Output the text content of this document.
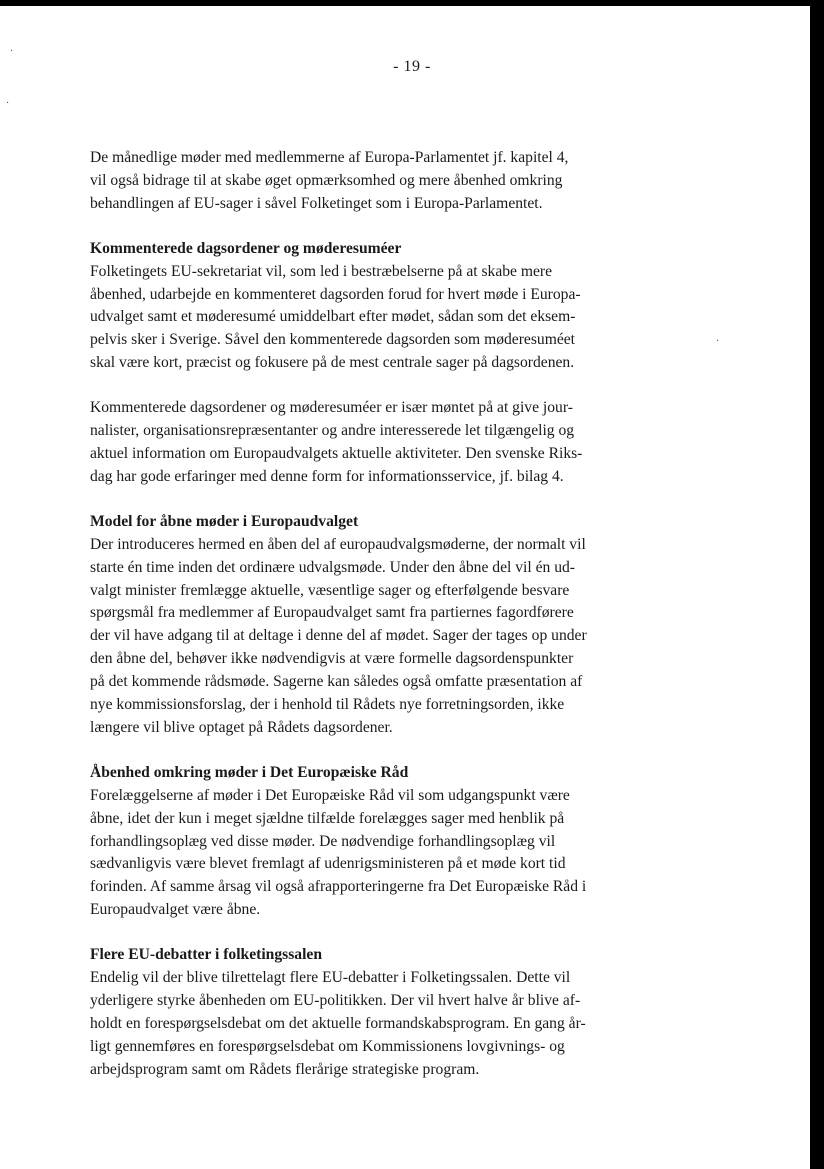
- 19 -

De månedlige møder med medlemmerne af Europa-Parlamentet jf. kapitel 4,
vil også bidrage til at skabe øget opmærksomhed og mere åbenhed omkring
behandlingen af EU-sager i såvel Folketinget som i Europa-Parlamentet.

Kommenterede dagsordener og møderesuméer
Folketingets EU-sekretariat vil, som led i bestræbelserne på at skabe mere
åbenhed, udarbejde en kommenteret dagsorden forud for hvert møde i Europa-
udvalget samt et møderesumé umiddelbart efter mødet, sådan som det eksem-
pelvis sker i Sverige. Såvel den kommenterede dagsorden som møderesuméet
skal være kort, præcist og fokusere på de mest centrale sager på dagsordenen.

Kommenterede dagsordener og møderesuméer er især møntet på at give jour-
nalister, organisationsrepræsentanter og andre interesserede let tilgængelig og
aktuel information om Europaudvalgets aktuelle aktiviteter. Den svenske Riks-
dag har gode erfaringer med denne form for informationsservice, jf. bilag 4.

Model for åbne møder i Europaudvalget
Der introduceres hermed en åben del af europaudvalgsmøderne, der normalt vil
starte én time inden det ordinære udvalgsmøde. Under den åbne del vil én ud-
valgt minister fremlægge aktuelle, væsentlige sager og efterfølgende besvare
spørgsmål fra medlemmer af Europaudvalget samt fra partiernes fagordførere
der vil have adgang til at deltage i denne del af mødet. Sager der tages op under
den åbne del, behøver ikke nødvendigvis at være formelle dagsordenspunkter
på det kommende rådsmøde. Sagerne kan således også omfatte præsentation af
nye kommissionsforslag, der i henhold til Rådets nye forretningsorden, ikke
længere vil blive optaget på Rådets dagsordener.

Åbenhed omkring møder i Det Europæiske Råd
Forelæggelserne af møder i Det Europæiske Råd vil som udgangspunkt være
åbne, idet der kun i meget sjældne tilfælde forelægges sager med henblik på
forhandlingsoplæg ved disse møder. De nødvendige forhandlingsoplæg vil
sædvanligvis være blevet fremlagt af udenrigsministeren på et møde kort tid
forinden. Af samme årsag vil også afrapporteringerne fra Det Europæiske Råd i
Europaudvalget være åbne.

Flere EU-debatter i folketingssalen
Endelig vil der blive tilrettelagt flere EU-debatter i Folketingssalen. Dette vil
yderligere styrke åbenheden om EU-politikken. Der vil hvert halve år blive af-
holdt en forespørgselsdebat om det aktuelle formandskabsprogram. En gang år-
ligt gennemføres en forespørgselsdebat om Kommissionens lovgivnings- og
arbejdsprogram samt om Rådets flerårige strategiske program.

·
·
·
